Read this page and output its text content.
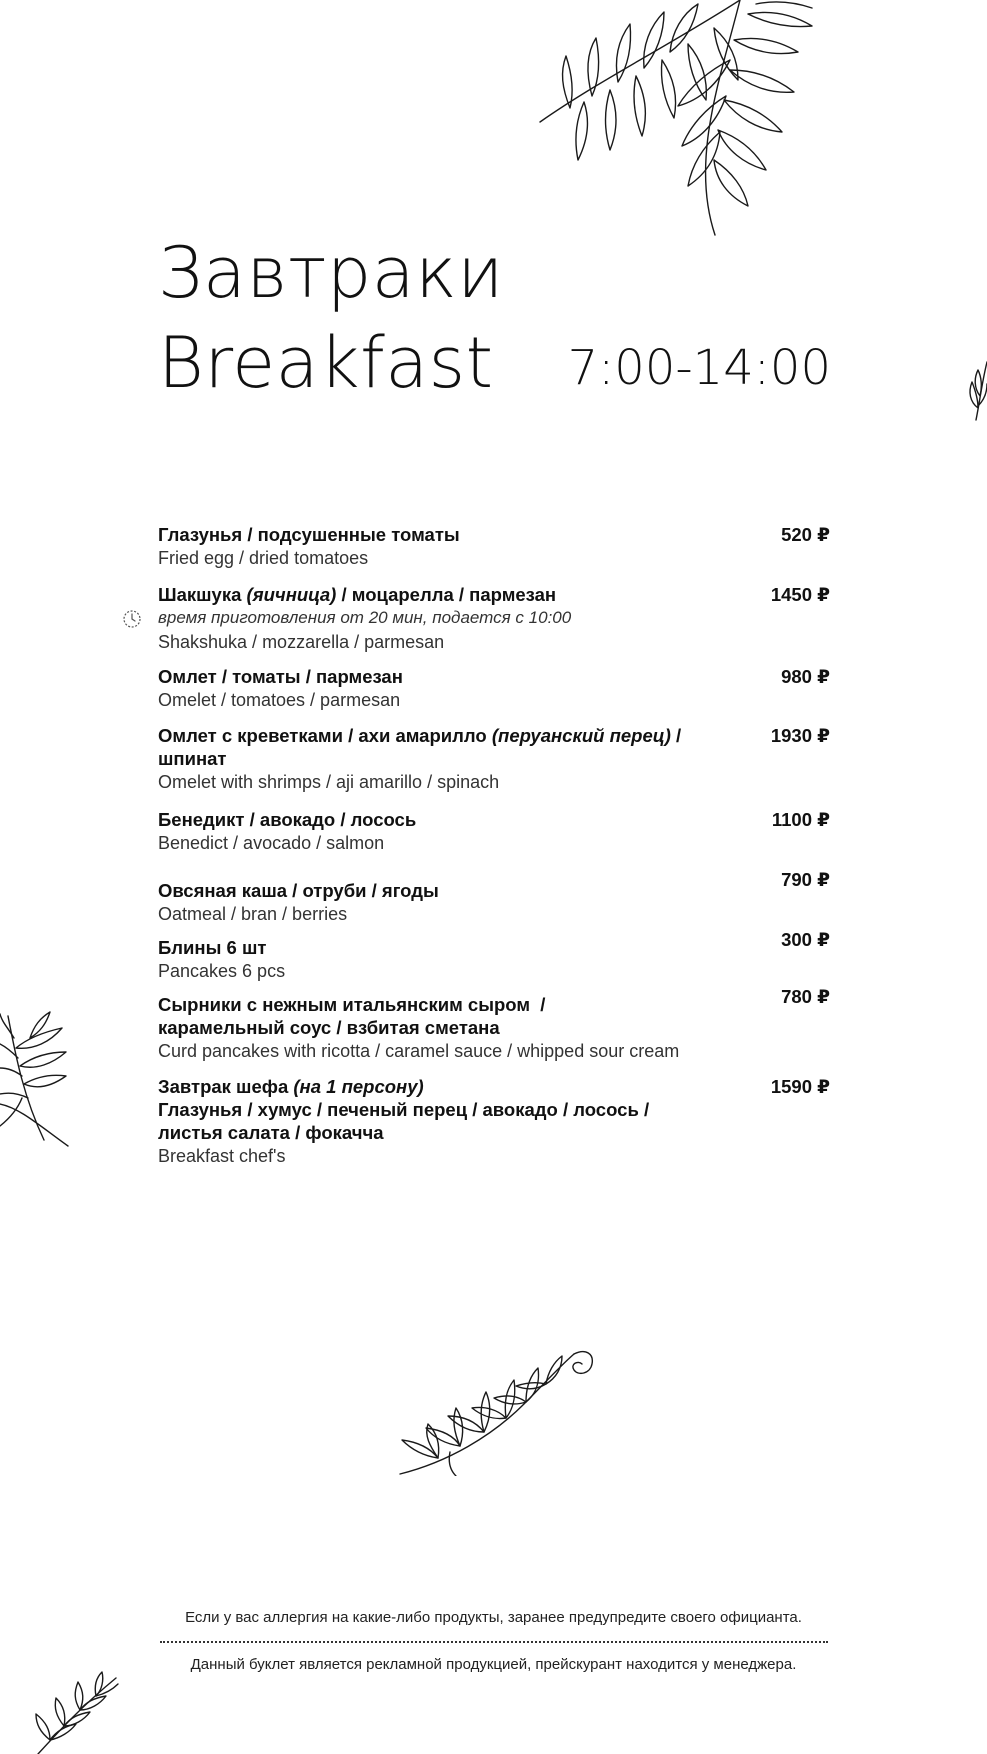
Завтраки
Breakfast 7:00-14:00
Глазунья / подсушенные томаты
Fried egg / dried tomatoes
520 ₽
Шакшука (яичница) / моцарелла / пармезан
время приготовления от 20 мин, подается с 10:00
Shakshuka / mozzarella / parmesan
1450 ₽
Омлет / томаты / пармезан
Omelet / tomatoes / parmesan
980 ₽
Омлет с креветками / ахи амарилло (перуанский перец) / шпинат
Omelet with shrimps / aji amarillo / spinach
1930 ₽
Бенедикт / авокадо / лосось
Benedict / avocado / salmon
1100 ₽
790 ₽
Овсяная каша / отруби / ягоды
Oatmeal / bran / berries
300 ₽
Блины 6 шт
Pancakes 6 pcs
780 ₽
Сырники с нежным итальянским сыром  /
карамельный соус / взбитая сметана
Curd pancakes with ricotta / caramel sauce / whipped sour cream
Завтрак шефа (на 1 персону)
Глазунья / хумус / печеный перец / авокадо / лосось /
листья салата / фокачча
Breakfast chef's
1590 ₽
Если у вас аллергия на какие-либо продукты, заранее предупредите своего официанта.
Данный буклет является рекламной продукцией, прейскурант находится у менеджера.
